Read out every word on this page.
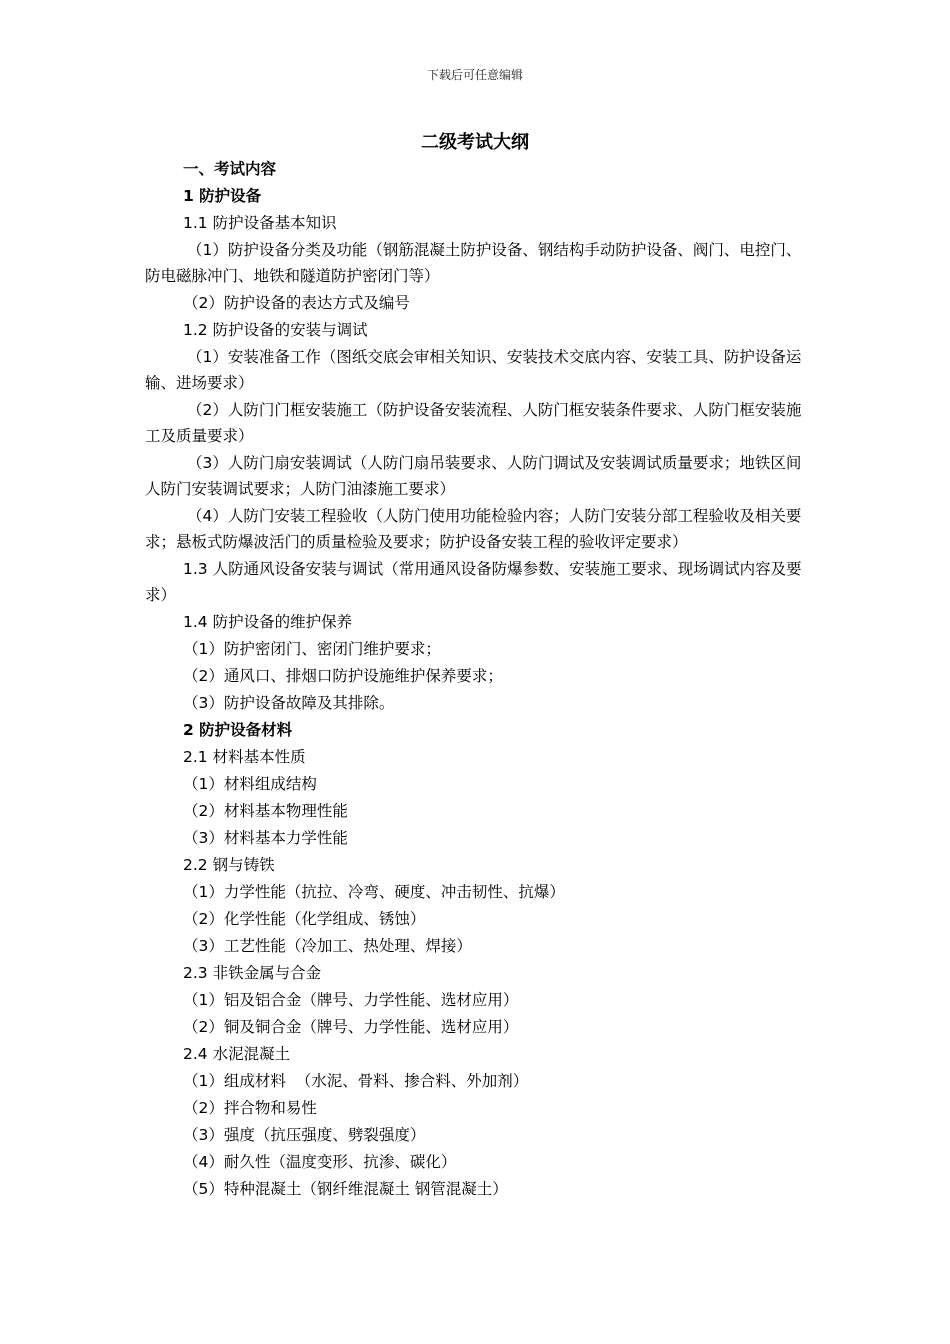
下载后可任意编辑
二级考试大纲
一、考试内容
1 防护设备
1.1 防护设备基本知识
（1）防护设备分类及功能（钢筋混凝土防护设备、钢结构手动防护设备、阀门、电控门、防电磁脉冲门、地铁和隧道防护密闭门等）
（2）防护设备的表达方式及编号
1.2 防护设备的安装与调试
（1）安装准备工作（图纸交底会审相关知识、安装技术交底内容、安装工具、防护设备运输、进场要求）
（2）人防门门框安装施工（防护设备安装流程、人防门框安装条件要求、人防门框安装施工及质量要求）
（3）人防门扇安装调试（人防门扇吊装要求、人防门调试及安装调试质量要求；地铁区间人防门安装调试要求；人防门油漆施工要求）
（4）人防门安装工程验收（人防门使用功能检验内容；人防门安装分部工程验收及相关要求；悬板式防爆波活门的质量检验及要求；防护设备安装工程的验收评定要求）
1.3 人防通风设备安装与调试（常用通风设备防爆参数、安装施工要求、现场调试内容及要求）
1.4 防护设备的维护保养
（1）防护密闭门、密闭门维护要求；
（2）通风口、排烟口防护设施维护保养要求；
（3）防护设备故障及其排除。
2 防护设备材料
2.1 材料基本性质
（1）材料组成结构
（2）材料基本物理性能
（3）材料基本力学性能
2.2 钢与铸铁
（1）力学性能（抗拉、冷弯、硬度、冲击韧性、抗爆）
（2）化学性能（化学组成、锈蚀）
（3）工艺性能（冷加工、热处理、焊接）
2.3 非铁金属与合金
（1）铝及铝合金（牌号、力学性能、选材应用）
（2）铜及铜合金（牌号、力学性能、选材应用）
2.4 水泥混凝土
（1）组成材料  （水泥、骨料、掺合料、外加剂）
（2）拌合物和易性
（3）强度（抗压强度、劈裂强度）
（4）耐久性（温度变形、抗渗、碳化）
（5）特种混凝土（钢纤维混凝土 钢管混凝土）
